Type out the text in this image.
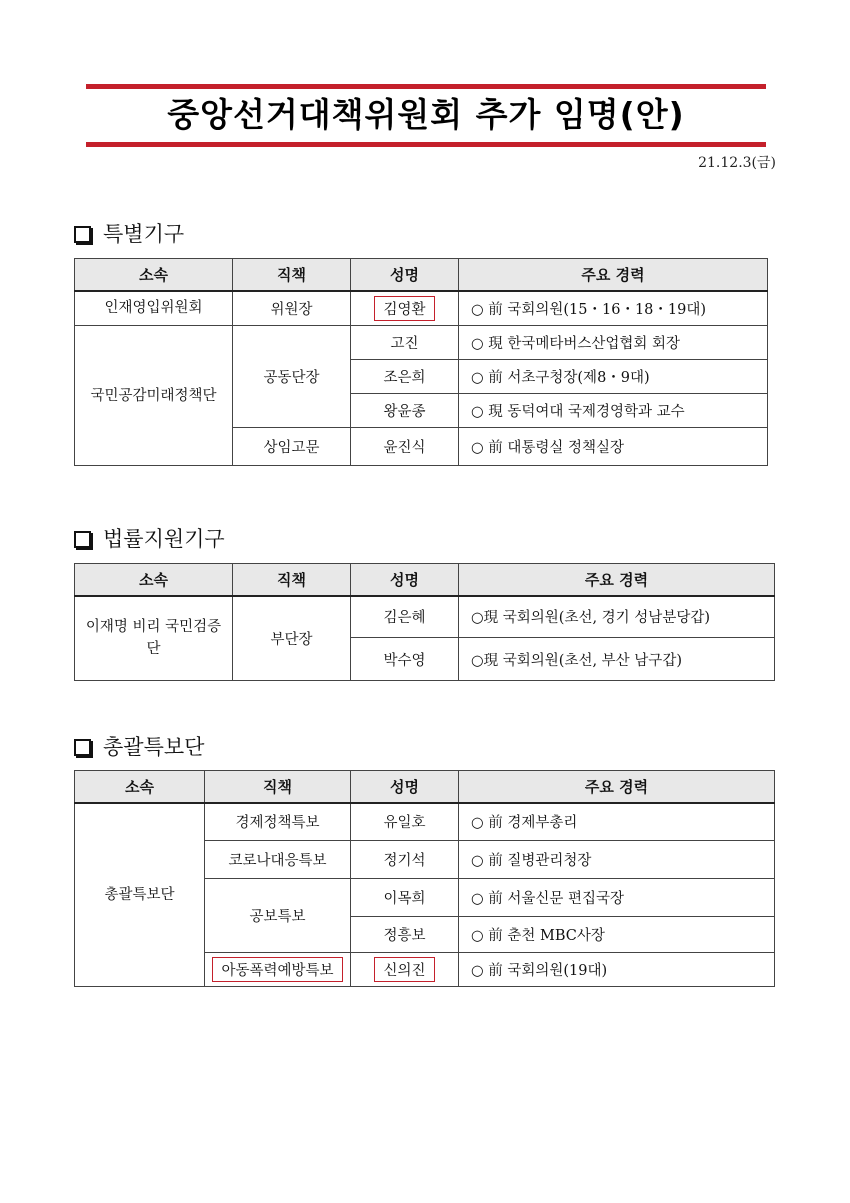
중앙선거대책위원회 추가 임명(안)
21.12.3(금)
특별기구
소속	직책	성명	주요 경력
인재영입위원회	위원장	김영환	○ 前 국회의원(15・16・18・19대)
국민공감미래정책단	공동단장	고진	○ 現 한국메타버스산업협회 회장
		조은희	○ 前 서초구청장(제8・9대)
		왕윤종	○ 現 동덕여대 국제경영학과 교수
	상임고문	윤진식	○ 前 대통령실 정책실장
법률지원기구
소속	직책	성명	주요 경력
이재명 비리 국민검증단	부단장	김은혜	○現 국회의원(초선, 경기 성남분당갑)
		박수영	○現 국회의원(초선, 부산 남구갑)
총괄특보단
소속	직책	성명	주요 경력
총괄특보단	경제정책특보	유일호	○ 前 경제부총리
	코로나대응특보	정기석	○ 前 질병관리청장
	공보특보	이목희	○ 前 서울신문 편집국장
		정흥보	○ 前 춘천 MBC사장
	아동폭력예방특보	신의진	○ 前 국회의원(19대)
